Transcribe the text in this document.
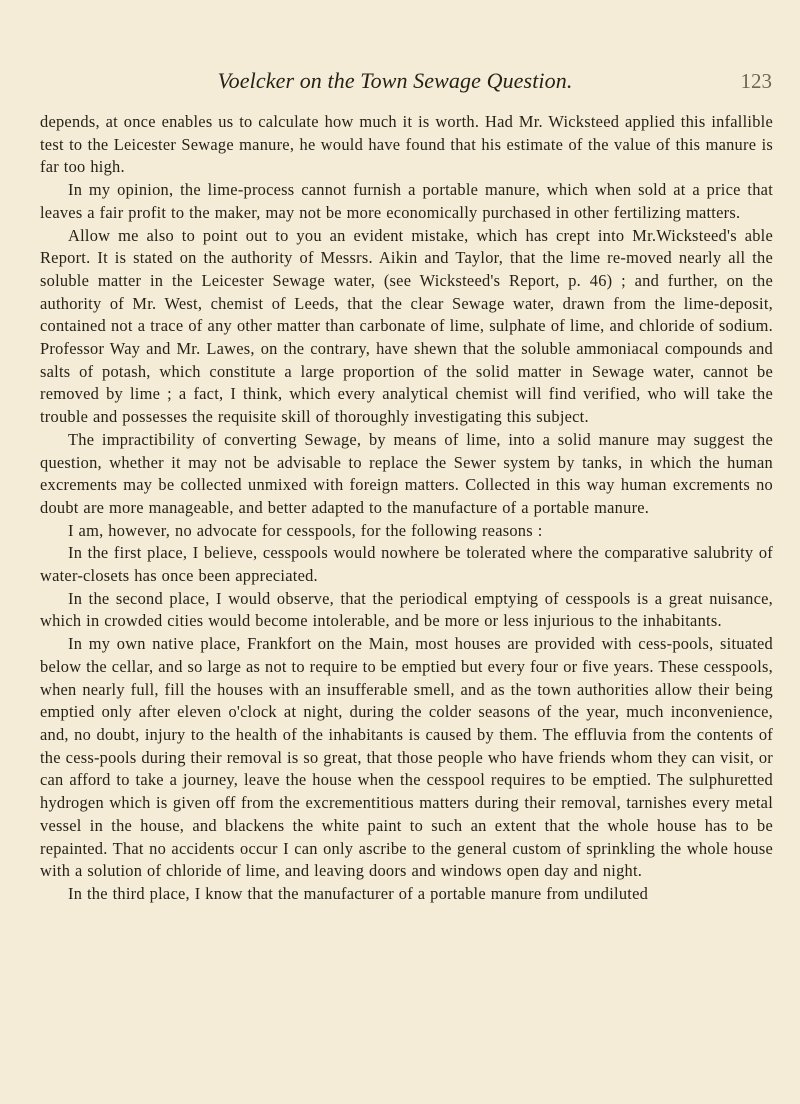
Voelcker on the Town Sewage Question.	123

depends, at once enables us to calculate how much it is worth. Had Mr. Wicksteed applied this infallible test to the Leicester Sewage manure, he would have found that his estimate of the value of this manure is far too high.

In my opinion, the lime-process cannot furnish a portable manure, which when sold at a price that leaves a fair profit to the maker, may not be more economically purchased in other fertilizing matters.

Allow me also to point out to you an evident mistake, which has crept into Mr.Wicksteed's able Report. It is stated on the authority of Messrs. Aikin and Taylor, that the lime re-moved nearly all the soluble matter in the Leicester Sewage water, (see Wicksteed's Report, p. 46) ; and further, on the authority of Mr. West, chemist of Leeds, that the clear Sewage water, drawn from the lime-deposit, contained not a trace of any other matter than carbonate of lime, sulphate of lime, and chloride of sodium. Professor Way and Mr. Lawes, on the contrary, have shewn that the soluble ammoniacal compounds and salts of potash, which constitute a large proportion of the solid matter in Sewage water, cannot be removed by lime ; a fact, I think, which every analytical chemist will find verified, who will take the trouble and possesses the requisite skill of thoroughly investigating this subject.

The impractibility of converting Sewage, by means of lime, into a solid manure may suggest the question, whether it may not be advisable to replace the Sewer system by tanks, in which the human excrements may be collected unmixed with foreign matters. Collected in this way human excrements no doubt are more manageable, and better adapted to the manufacture of a portable manure.

I am, however, no advocate for cesspools, for the following reasons :

In the first place, I believe, cesspools would nowhere be tolerated where the comparative salubrity of water-closets has once been appreciated.

In the second place, I would observe, that the periodical emptying of cesspools is a great nuisance, which in crowded cities would become intolerable, and be more or less injurious to the inhabitants.

In my own native place, Frankfort on the Main, most houses are provided with cess-pools, situated below the cellar, and so large as not to require to be emptied but every four or five years. These cesspools, when nearly full, fill the houses with an insufferable smell, and as the town authorities allow their being emptied only after eleven o'clock at night, during the colder seasons of the year, much inconvenience, and, no doubt, injury to the health of the inhabitants is caused by them. The effluvia from the contents of the cess-pools during their removal is so great, that those people who have friends whom they can visit, or can afford to take a journey, leave the house when the cesspool requires to be emptied. The sulphuretted hydrogen which is given off from the excrementitious matters during their removal, tarnishes every metal vessel in the house, and blackens the white paint to such an extent that the whole house has to be repainted. That no accidents occur I can only ascribe to the general custom of sprinkling the whole house with a solution of chloride of lime, and leaving doors and windows open day and night.

In the third place, I know that the manufacturer of a portable manure from undiluted
